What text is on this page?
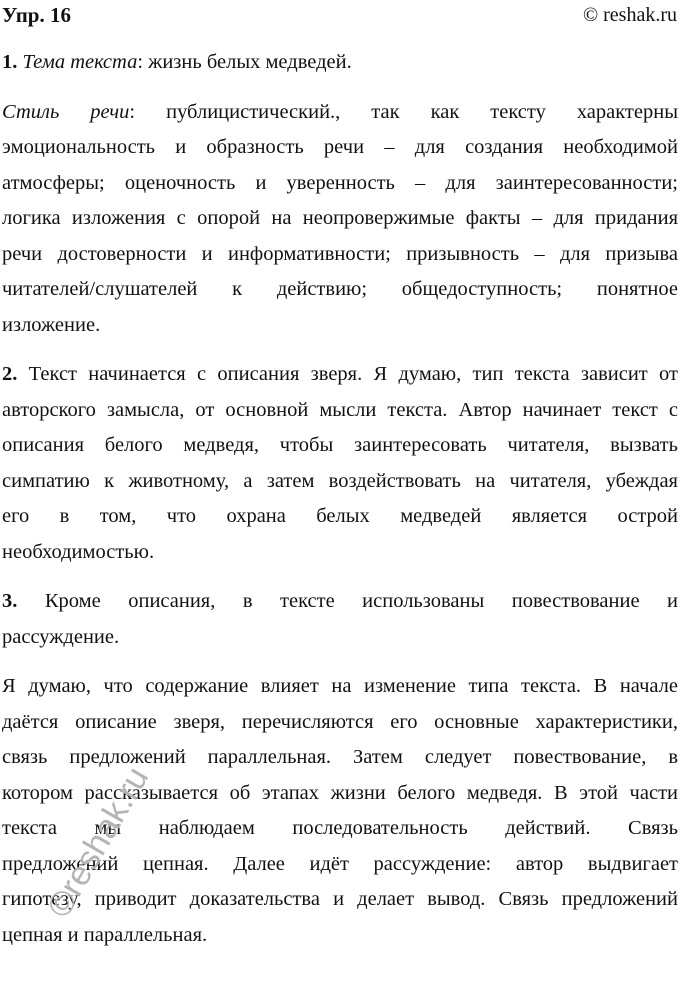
Упр. 16	© reshak.ru
1. Тема текста: жизнь белых медведей.
Стиль речи: публицистический., так как тексту характерны
эмоциональность и образность речи – для создания необходимой
атмосферы; оценочность и уверенность – для заинтересованности;
логика изложения с опорой на неопровержимые факты – для придания
речи достоверности и информативности; призывность – для призыва
читателей/слушателей к действию; общедоступность; понятное
изложение.
2. Текст начинается с описания зверя. Я думаю, тип текста зависит от
авторского замысла, от основной мысли текста. Автор начинает текст с
описания белого медведя, чтобы заинтересовать читателя, вызвать
симпатию к животному, а затем воздействовать на читателя, убеждая
его в том, что охрана белых медведей является острой
необходимостью.
3. Кроме описания, в тексте использованы повествование и
рассуждение.
Я думаю, что содержание влияет на изменение типа текста. В начале
даётся описание зверя, перечисляются его основные характеристики,
связь предложений параллельная. Затем следует повествование, в
котором рассказывается об этапах жизни белого медведя. В этой части
текста мы наблюдаем последовательность действий. Связь
предложений цепная. Далее идёт рассуждение: автор выдвигает
гипотезу, приводит доказательства и делает вывод. Связь предложений
цепная и параллельная.
©reshak.ru
